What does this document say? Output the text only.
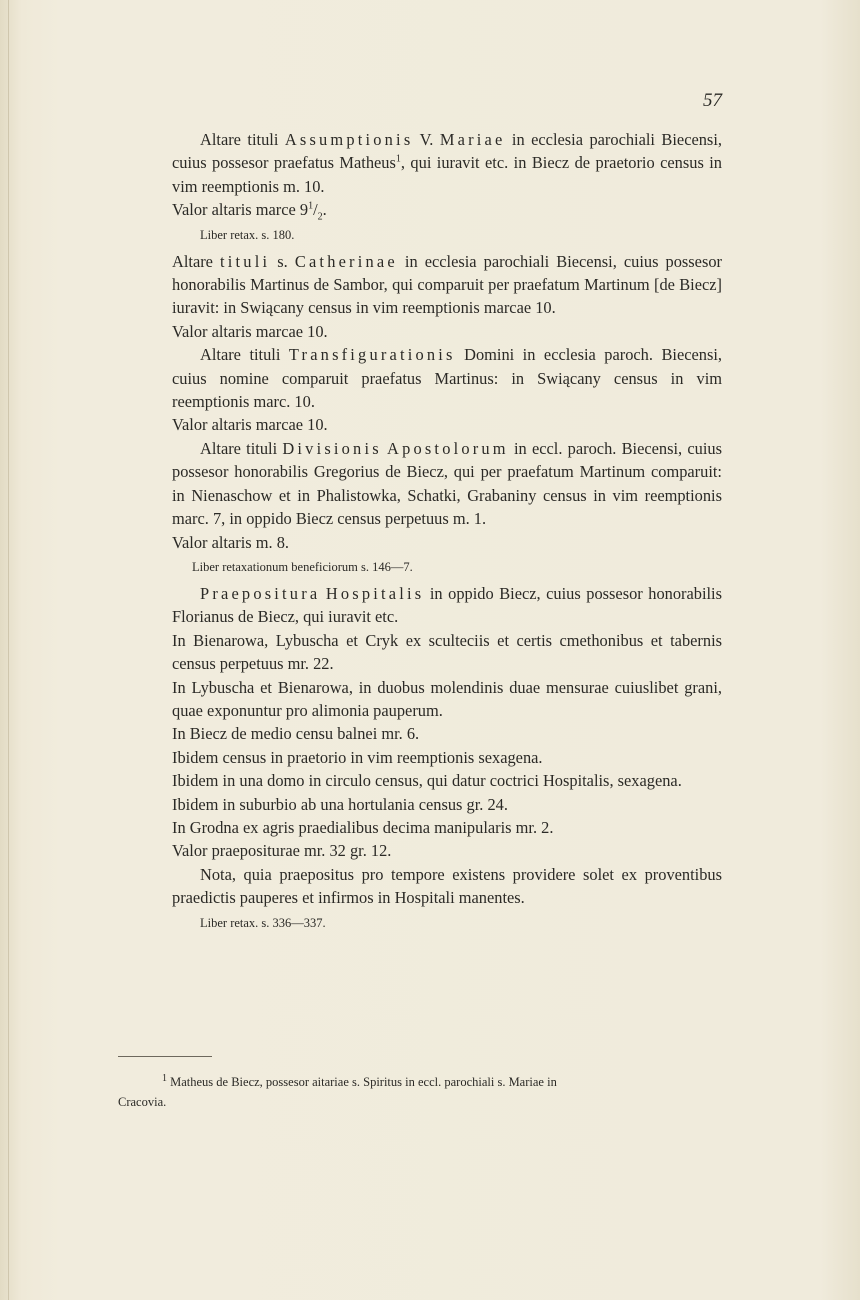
57

Altare tituli Assumptionis V. Mariae in ecclesia parochiali Biecensi, cuius possesor praefatus Matheus$^1$, qui iuravit etc. in Biecz de praetorio census in vim reemptionis m. 10.

Valor altaris marce $9^1/_2$.

Liber retax. s. 180.

Altare tituli s. Catherinae in ecclesia parochiali Biecensi, cuius possesor honorabilis Martinus de Sambor, qui comparuit per praefatum Martinum [de Biecz] iuravit: in Swiącany census in vim reemptionis marcae 10.

Valor altaris marcae 10.

Altare tituli Transfigurationis Domini in ecclesia paroch. Biecensi, cuius nomine comparuit praefatus Martinus: in Swiącany census in vim reemptionis marc. 10.

Valor altaris marcae 10.

Altare tituli Divisionis Apostolorum in eccl. paroch. Biecensi, cuius possesor honorabilis Gregorius de Biecz, qui per praefatum Martinum comparuit: in Nienaschow et in Phalistowka, Schatki, Grabaniny census in vim reemptionis marc. 7, in oppido Biecz census perpetuus m. 1.

Valor altaris m. 8.

Liber retaxationum beneficiorum s. 146—7.

Praepositura Hospitalis in oppido Biecz, cuius possesor honorabilis Florianus de Biecz, qui iuravit etc.

In Bienarowa, Lybuscha et Cryk ex sculteciis et certis cmethonibus et tabernis census perpetuus mr. 22.

In Lybuscha et Bienarowa, in duobus molendinis duae mensurae cuiuslibet grani, quae exponuntur pro alimonia pauperum.

In Biecz de medio censu balnei mr. 6.

Ibidem census in praetorio in vim reemptionis sexagena.

Ibidem in una domo in circulo census, qui datur coctrici Hospitalis, sexagena.

Ibidem in suburbio ab una hortulania census gr. 24.

In Grodna ex agris praedialibus decima manipularis mr. 2.

Valor praeposituraе mr. 32 gr. 12.

Nota, quia praepositus pro tempore existens providere solet ex proventibus praedictis pauperes et infirmos in Hospitali manentes.

Liber retax. s. 336—337.
$^1$ Matheus de Biecz, possesor aitariae s. Spiritus in eccl. parochiali s. Mariae in
Cracovia.
